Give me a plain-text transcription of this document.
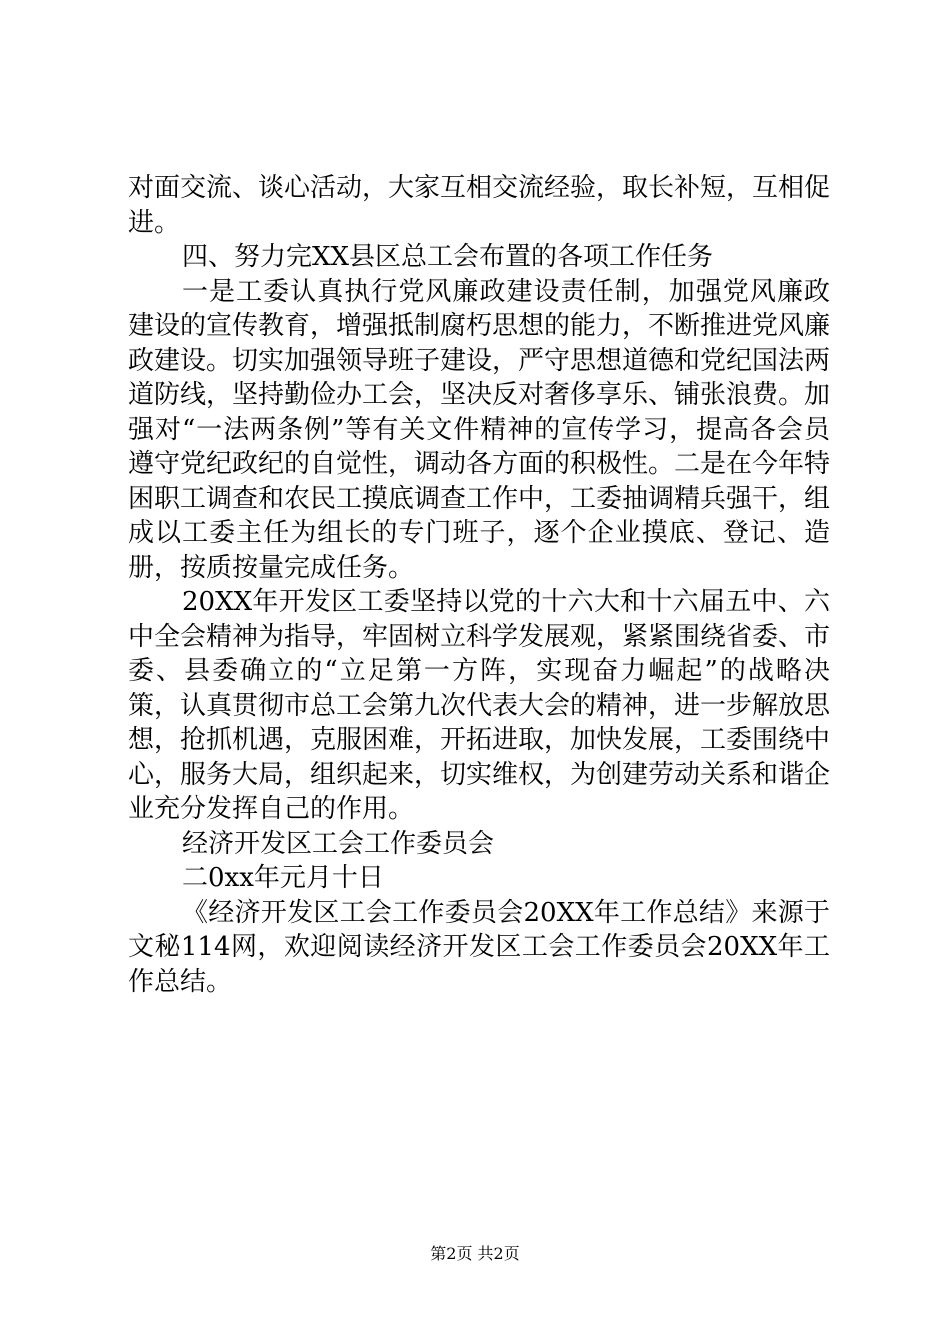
对面交流、谈心活动，大家互相交流经验，取长补短，互相促进。

四、努力完XX县区总工会布置的各项工作任务

一是工委认真执行党风廉政建设责任制，加强党风廉政建设的宣传教育，增强抵制腐朽思想的能力，不断推进党风廉政建设。切实加强领导班子建设，严守思想道德和党纪国法两道防线，坚持勤俭办工会，坚决反对奢侈享乐、铺张浪费。加强对“一法两条例”等有关文件精神的宣传学习，提高各会员遵守党纪政纪的自觉性，调动各方面的积极性。二是在今年特困职工调查和农民工摸底调查工作中，工委抽调精兵强干，组成以工委主任为组长的专门班子，逐个企业摸底、登记、造册，按质按量完成任务。

20XX年开发区工委坚持以党的十六大和十六届五中、六中全会精神为指导，牢固树立科学发展观，紧紧围绕省委、市委、县委确立的“立足第一方阵，实现奋力崛起”的战略决策，认真贯彻市总工会第九次代表大会的精神，进一步解放思想，抢抓机遇，克服困难，开拓进取，加快发展，工委围绕中心，服务大局，组织起来，切实维权，为创建劳动关系和谐企业充分发挥自己的作用。

经济开发区工会工作委员会

二0xx年元月十日

《经济开发区工会工作委员会20XX年工作总结》来源于文秘114网，欢迎阅读经济开发区工会工作委员会20XX年工作总结。

第2页 共2页
